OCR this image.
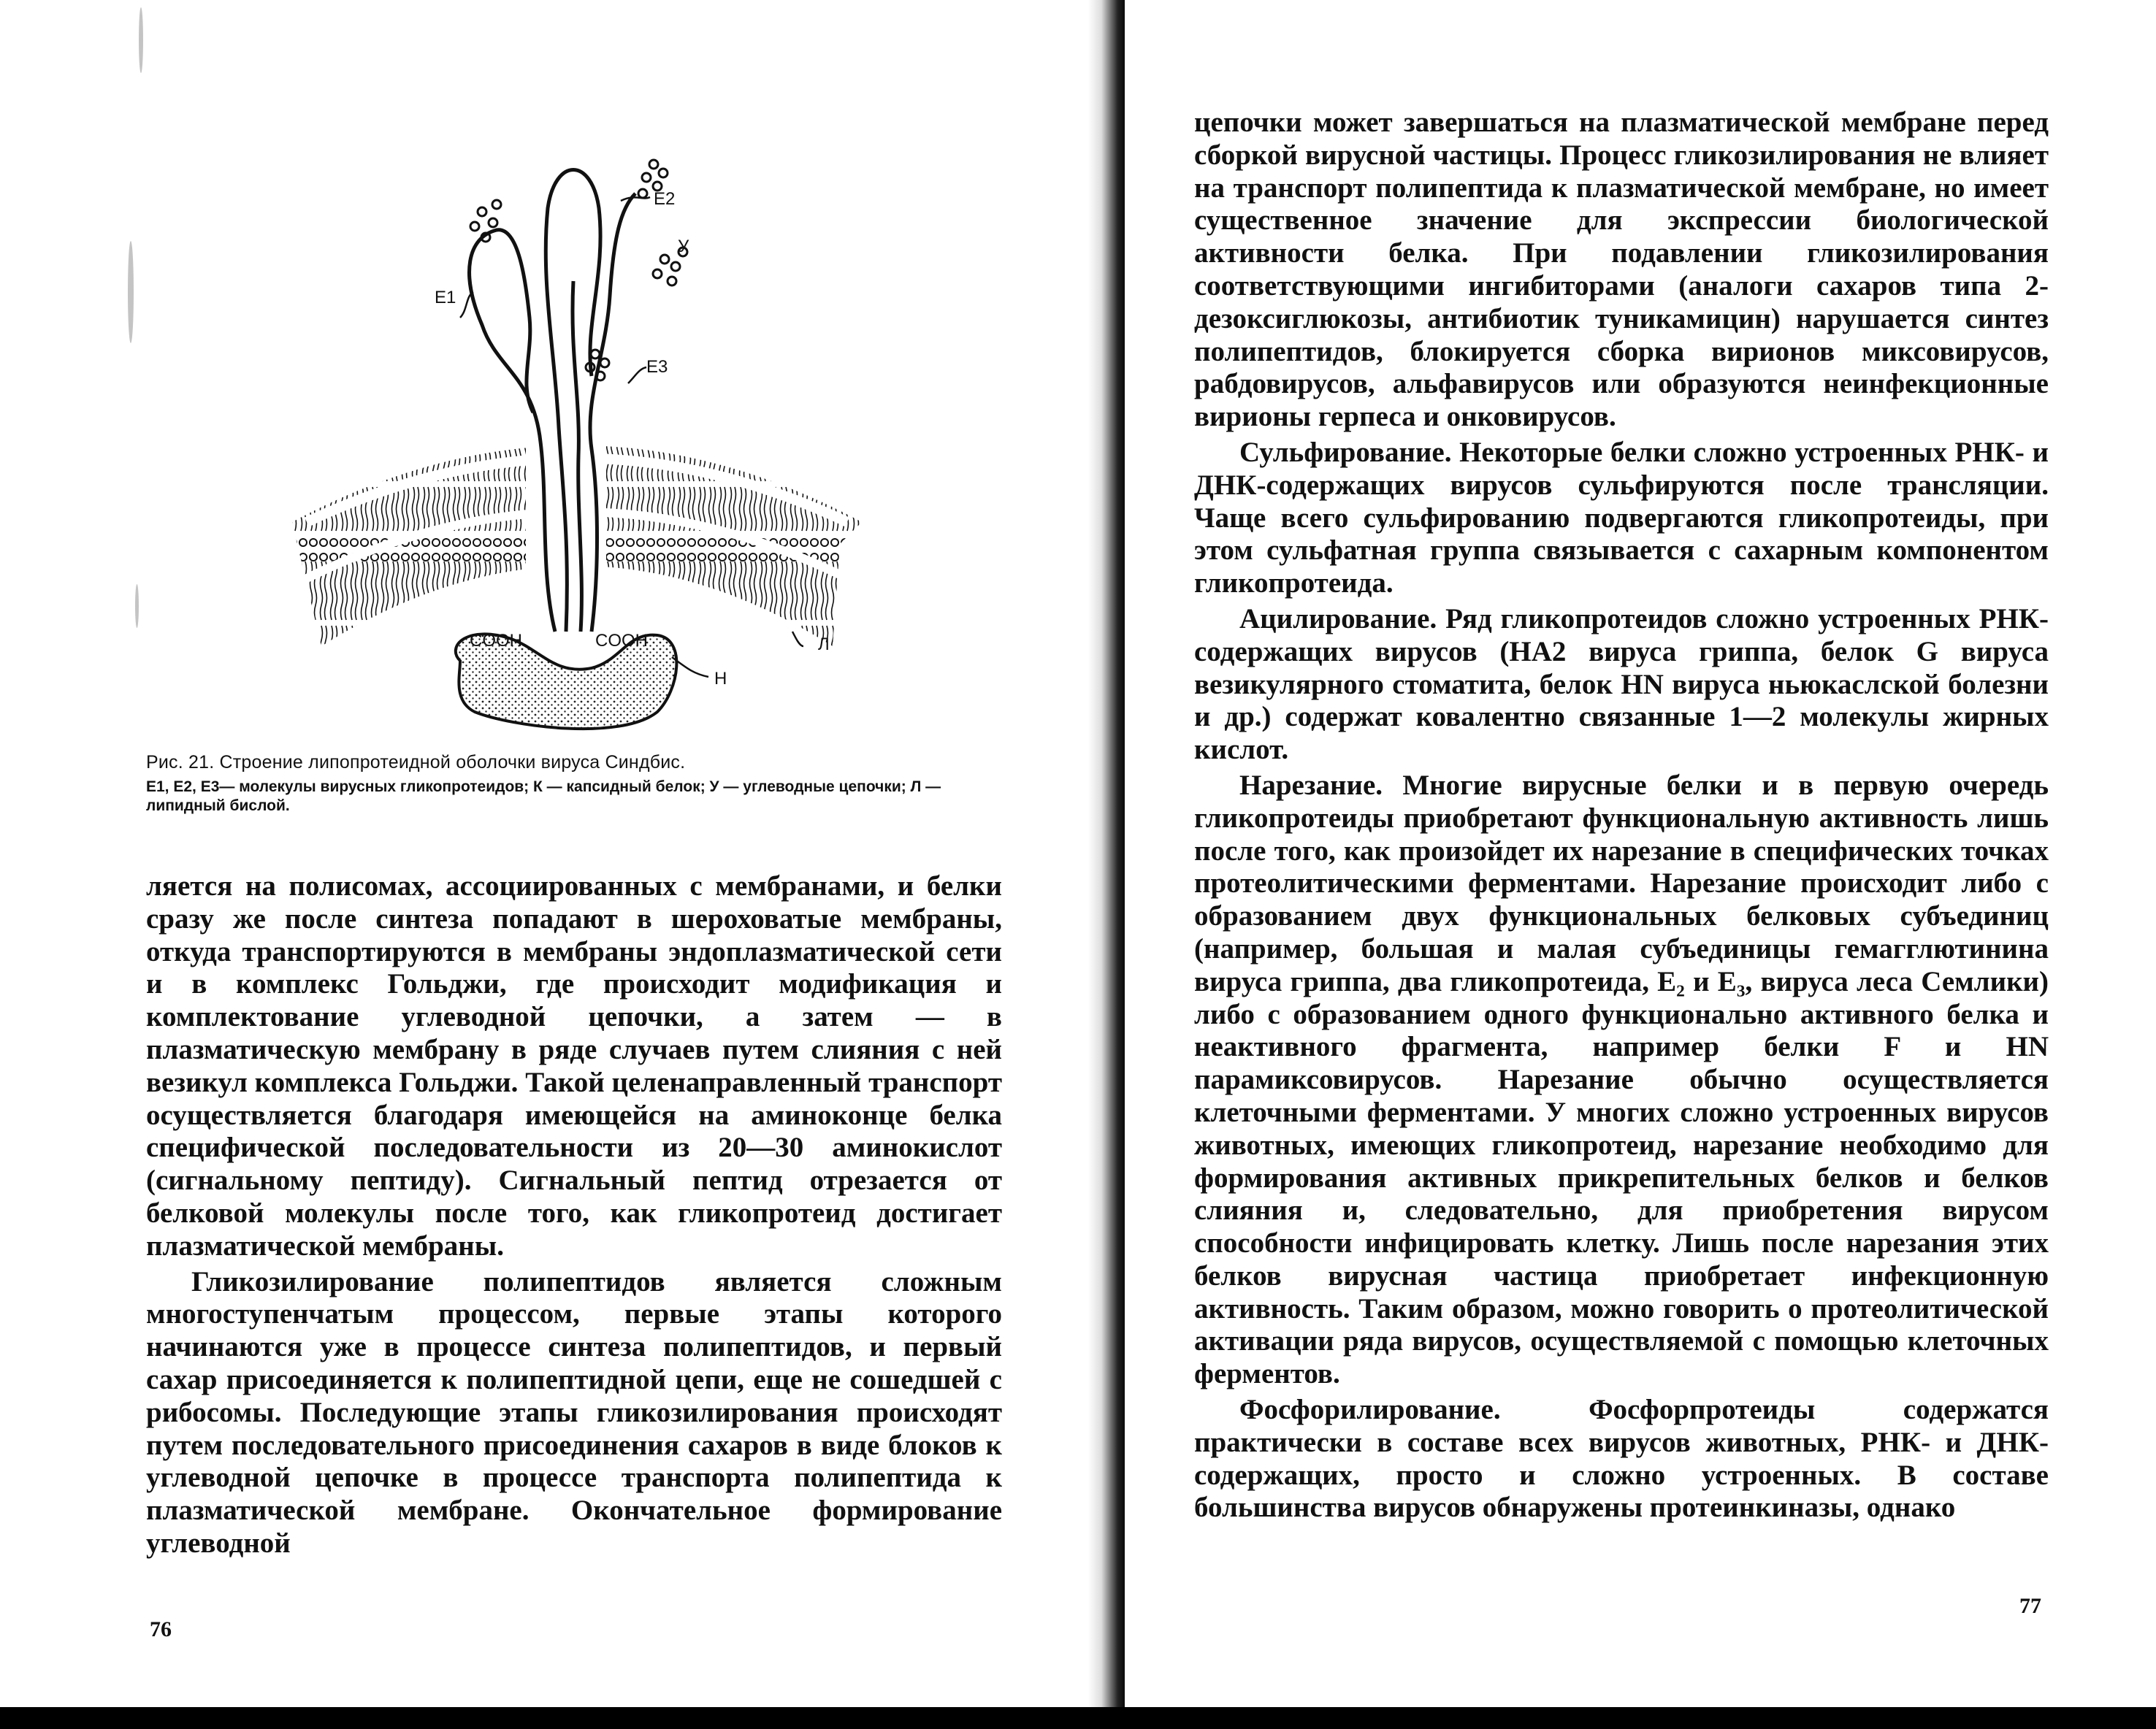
E2
У
E1
E3
COOH	COOH	Л
Н
Рис. 21. Строение липопротеидной оболочки вируса Синдбис.
E1, E2, E3— молекулы вирусных гликопротеидов; К — капсидный белок; У — углеводные цепочки; Л — липидный бислой.

ляется на полисомах, ассоциированных с мембранами, и белки сразу же после синтеза попадают в шероховатые мембраны, откуда транспортируются в мембраны эндоплазматической сети и в комплекс Гольджи, где происходит модификация и комплектование углеводной цепочки, а затем — в плазматическую мембрану в ряде случаев путем слияния с ней везикул комплекса Гольджи. Такой целенаправленный транспорт осуществляется благодаря имеющейся на аминоконце белка специфической последовательности из 20—30 аминокислот (сигнальному пептиду). Сигнальный пептид отрезается от белковой молекулы после того, как гликопротеид достигает плазматической мембраны.

Гликозилирование полипептидов является сложным многоступенчатым процессом, первые этапы которого начинаются уже в процессе синтеза полипептидов, и первый сахар присоединяется к полипептидной цепи, еще не сошедшей с рибосомы. Последующие этапы гликозилирования происходят путем последовательного присоединения сахаров в виде блоков к углеводной цепочке в процессе транспорта полипептида к плазматической мембране. Окончательное формирование углеводной

76

цепочки может завершаться на плазматической мембране перед сборкой вирусной частицы. Процесс гликозилирования не влияет на транспорт полипептида к плазматической мембране, но имеет существенное значение для экспрессии биологической активности белка. При подавлении гликозилирования соответствующими ингибиторами (аналоги сахаров типа 2-дезоксиглюкозы, антибиотик туникамицин) нарушается синтез полипептидов, блокируется сборка вирионов миксовирусов, рабдовирусов, альфавирусов или образуются неинфекционные вирионы герпеса и онковирусов.

Сульфирование. Некоторые белки сложно устроенных РНК- и ДНК-содержащих вирусов сульфируются после трансляции. Чаще всего сульфированию подвергаются гликопротеиды, при этом сульфатная группа связывается с сахарным компонентом гликопротеида.

Ацилирование. Ряд гликопротеидов сложно устроенных РНК-содержащих вирусов (НА2 вируса гриппа, белок G вируса везикулярного стоматита, белок HN вируса ньюкаслской болезни и др.) содержат ковалентно связанные 1—2 молекулы жирных кислот.

Нарезание. Многие вирусные белки и в первую очередь гликопротеиды приобретают функциональную активность лишь после того, как произойдет их нарезание в специфических точках протеолитическими ферментами. Нарезание происходит либо с образованием двух функциональных белковых субъединиц (например, большая и малая субъединицы гемагглютинина вируса гриппа, два гликопротеида, E₂ и E₃, вируса леса Семлики) либо с образованием одного функционально активного белка и неактивного фрагмента, например белки F и HN парамиксовирусов. Нарезание обычно осуществляется клеточными ферментами. У многих сложно устроенных вирусов животных, имеющих гликопротеид, нарезание необходимо для формирования активных прикрепительных белков и белков слияния и, следовательно, для приобретения вирусом способности инфицировать клетку. Лишь после нарезания этих белков вирусная частица приобретает инфекционную активность. Таким образом, можно говорить о протеолитической активации ряда вирусов, осуществляемой с помощью клеточных ферментов.

Фосфорилирование.	Фосфорпротеиды содержатся практически в составе всех вирусов животных, РНК- и ДНК-содержащих, просто и сложно устроенных. В составе большинства вирусов обнаружены протеинкиназы, однако

77
